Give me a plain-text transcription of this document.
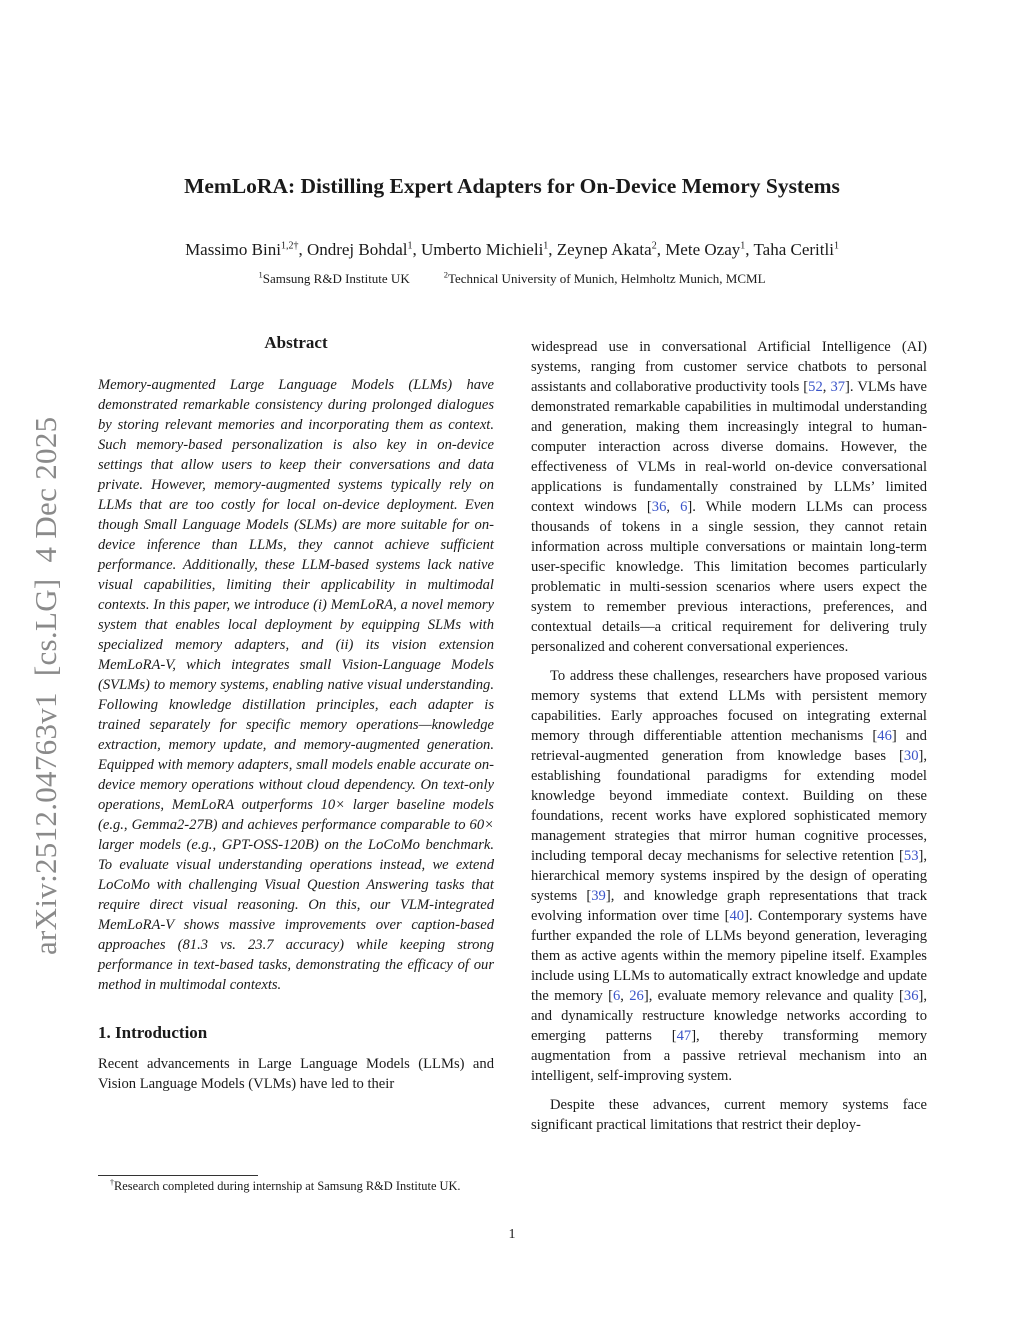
arXiv:2512.04763v1[cs.LG]4 Dec 2025
MemLoRA: Distilling Expert Adapters for On-Device Memory Systems
Massimo Bini$^{1,2\dagger}$, Ondrej Bohdal$^1$, Umberto Michieli$^1$, Zeynep Akata$^2$, Mete Ozay$^1$, Taha Ceritli$^1$
$^1$Samsung R&D Institute UK	$^2$Technical University of Munich, Helmholtz Munich, MCML
Abstract

Memory-augmented Large Language Models (LLMs) have demonstrated remarkable consistency during prolonged dialogues by storing relevant memories and incorporating them as context. Such memory-based personalization is also key in on-device settings that allow users to keep their conversations and data private. However, memory-augmented systems typically rely on LLMs that are too costly for local on-device deployment. Even though Small Language Models (SLMs) are more suitable for on-device inference than LLMs, they cannot achieve sufficient performance. Additionally, these LLM-based systems lack native visual capabilities, limiting their applicability in multimodal contexts. In this paper, we introduce (i) MemLoRA, a novel memory system that enables local deployment by equipping SLMs with specialized memory adapters, and (ii) its vision extension MemLoRA-V, which integrates small Vision-Language Models (SVLMs) to memory systems, enabling native visual understanding. Following knowledge distillation principles, each adapter is trained separately for specific memory operations—knowledge extraction, memory update, and memory-augmented generation. Equipped with memory adapters, small models enable accurate on-device memory operations without cloud dependency. On text-only operations, MemLoRA outperforms 10× larger baseline models (e.g., Gemma2-27B) and achieves performance comparable to 60× larger models (e.g., GPT-OSS-120B) on the LoCoMo benchmark. To evaluate visual understanding operations instead, we extend LoCoMo with challenging Visual Question Answering tasks that require direct visual reasoning. On this, our VLM-integrated MemLoRA-V shows massive improvements over caption-based approaches (81.3 vs. 23.7 accuracy) while keeping strong performance in text-based tasks, demonstrating the efficacy of our method in multimodal contexts.

1. Introduction

Recent advancements in Large Language Models (LLMs) and Vision Language Models (VLMs) have led to their

widespread use in conversational Artificial Intelligence (AI) systems, ranging from customer service chatbots to personal assistants and collaborative productivity tools [52, 37]. VLMs have demonstrated remarkable capabilities in multimodal understanding and generation, making them increasingly integral to human-computer interaction across diverse domains. However, the effectiveness of VLMs in real-world on-device conversational applications is fundamentally constrained by LLMs’ limited context windows [36, 6]. While modern LLMs can process thousands of tokens in a single session, they cannot retain information across multiple conversations or maintain long-term user-specific knowledge. This limitation becomes particularly problematic in multi-session scenarios where users expect the system to remember previous interactions, preferences, and contextual details—a critical requirement for delivering truly personalized and coherent conversational experiences.

To address these challenges, researchers have proposed various memory systems that extend LLMs with persistent memory capabilities. Early approaches focused on integrating external memory through differentiable attention mechanisms [46] and retrieval-augmented generation from knowledge bases [30], establishing foundational paradigms for extending model knowledge beyond immediate context. Building on these foundations, recent works have explored sophisticated memory management strategies that mirror human cognitive processes, including temporal decay mechanisms for selective retention [53], hierarchical memory systems inspired by the design of operating systems [39], and knowledge graph representations that track evolving information over time [40]. Contemporary systems have further expanded the role of LLMs beyond generation, leveraging them as active agents within the memory pipeline itself. Examples include using LLMs to automatically extract knowledge and update the memory [6, 26], evaluate memory relevance and quality [36], and dynamically restructure knowledge networks according to emerging patterns [47], thereby transforming memory augmentation from a passive retrieval mechanism into an intelligent, self-improving system.

Despite these advances, current memory systems face significant practical limitations that restrict their deploy-

†Research completed during internship at Samsung R&D Institute UK.
1
